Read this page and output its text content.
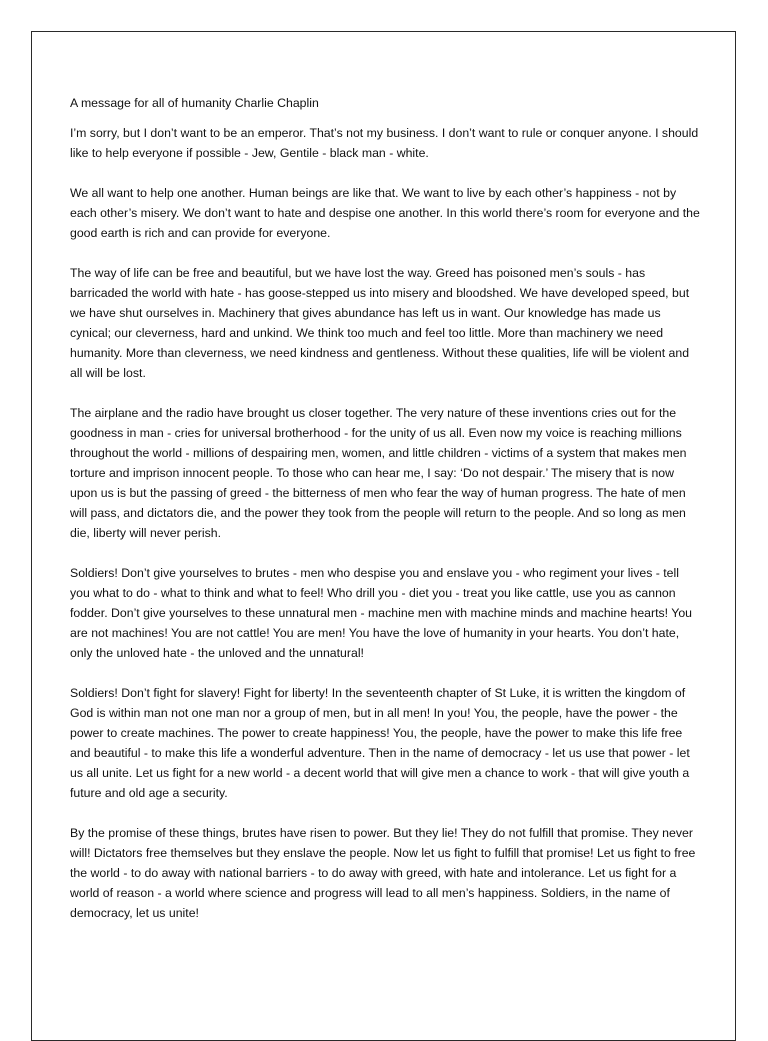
A message for all of humanity Charlie Chaplin

I’m sorry, but I don’t want to be an emperor. That’s not my business. I don’t want to rule or conquer anyone. I should like to help everyone if possible - Jew, Gentile - black man - white.

We all want to help one another. Human beings are like that. We want to live by each other’s happiness - not by each other’s misery. We don’t want to hate and despise one another. In this world there’s room for everyone and the good earth is rich and can provide for everyone.

The way of life can be free and beautiful, but we have lost the way. Greed has poisoned men’s souls - has barricaded the world with hate - has goose-stepped us into misery and bloodshed. We have developed speed, but we have shut ourselves in. Machinery that gives abundance has left us in want. Our knowledge has made us cynical; our cleverness, hard and unkind. We think too much and feel too little. More than machinery we need humanity. More than cleverness, we need kindness and gentleness. Without these qualities, life will be violent and all will be lost.

The airplane and the radio have brought us closer together. The very nature of these inventions cries out for the goodness in man - cries for universal brotherhood - for the unity of us all. Even now my voice is reaching millions throughout the world - millions of despairing men, women, and little children - victims of a system that makes men torture and imprison innocent people. To those who can hear me, I say: ‘Do not despair.’ The misery that is now upon us is but the passing of greed - the bitterness of men who fear the way of human progress. The hate of men will pass, and dictators die, and the power they took from the people will return to the people. And so long as men die, liberty will never perish.

Soldiers! Don’t give yourselves to brutes - men who despise you and enslave you - who regiment your lives - tell you what to do - what to think and what to feel! Who drill you - diet you - treat you like cattle, use you as cannon fodder. Don’t give yourselves to these unnatural men - machine men with machine minds and machine hearts! You are not machines! You are not cattle! You are men! You have the love of humanity in your hearts. You don’t hate, only the unloved hate - the unloved and the unnatural!

Soldiers! Don’t fight for slavery! Fight for liberty! In the seventeenth chapter of St Luke, it is written the kingdom of God is within man not one man nor a group of men, but in all men! In you! You, the people, have the power - the power to create machines. The power to create happiness! You, the people, have the power to make this life free and beautiful - to make this life a wonderful adventure. Then in the name of democracy - let us use that power - let us all unite. Let us fight for a new world - a decent world that will give men a chance to work - that will give youth a future and old age a security.

By the promise of these things, brutes have risen to power. But they lie! They do not fulfill that promise. They never will! Dictators free themselves but they enslave the people. Now let us fight to fulfill that promise! Let us fight to free the world - to do away with national barriers - to do away with greed, with hate and intolerance. Let us fight for a world of reason - a world where science and progress will lead to all men’s happiness. Soldiers, in the name of democracy, let us unite!
